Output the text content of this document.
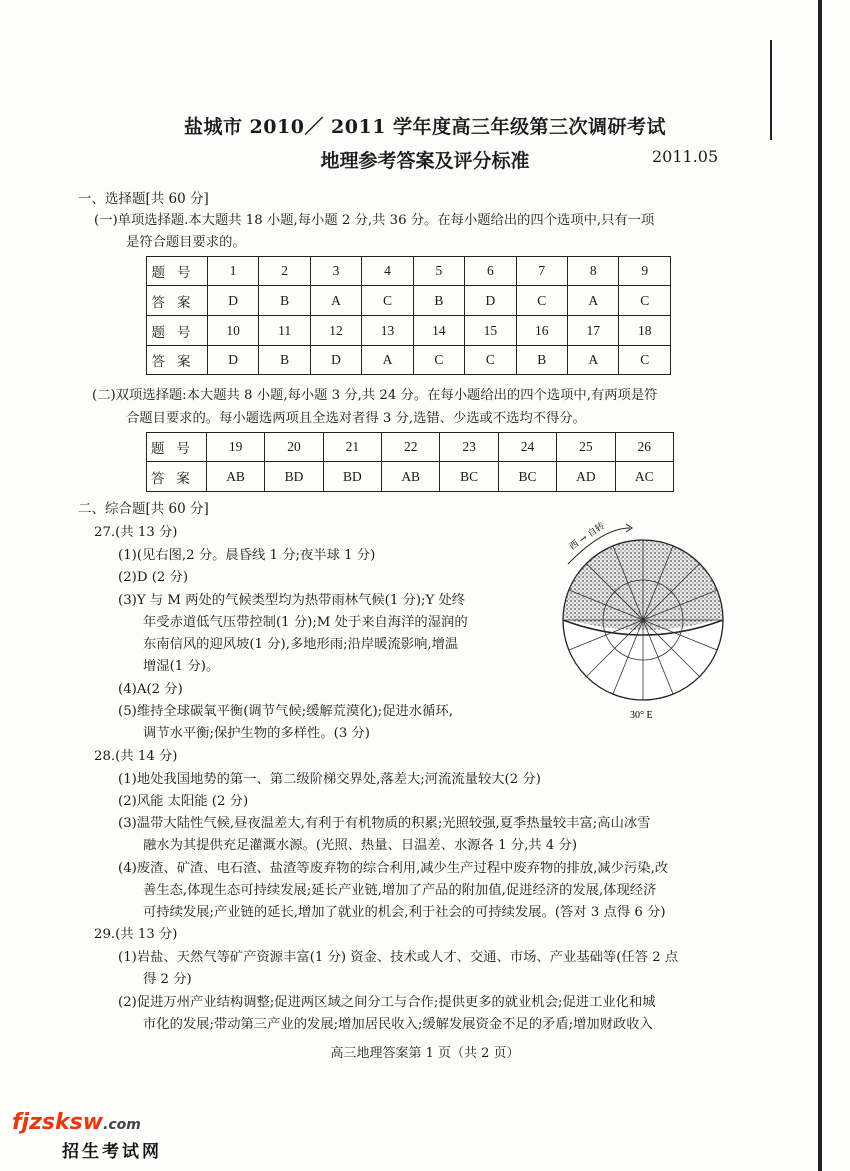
盐城市 2010／ 2011 学年度高三年级第三次调研考试
地理参考答案及评分标准	2011.05
一、选择题[共 60 分]
(一)单项选择题.本大题共 18 小题,每小题 2 分,共 36 分。在每小题给出的四个选项中,只有一项
是符合题目要求的。
题号	1	2	3	4	5	6	7	8	9
答案	D	B	A	C	B	D	C	A	C
题号	10	11	12	13	14	15	16	17	18
答案	D	B	D	A	C	C	B	A	C
(二)双项选择题:本大题共 8 小题,每小题 3 分,共 24 分。在每小题给出的四个选项中,有两项是符
合题目要求的。每小题选两项且全选对者得 3 分,选错、少选或不选均不得分。
题号	19	20	21	22	23	24	25	26
答案	AB	BD	BD	AB	BC	BC	AD	AC
二、综合题[共 60 分]
27.(共 13 分)
(1)(见右图,2 分。晨昏线 1 分;夜半球 1 分)
(2)D (2 分)
(3)Y 与 M 两处的气候类型均为热带雨林气候(1 分);Y 处终
年受赤道低气压带控制(1 分);M 处于来自海洋的湿润的
东南信风的迎风坡(1 分),多地形雨;沿岸暖流影响,增温
增湿(1 分)。
(4)A(2 分)
(5)维持全球碳氧平衡(调节气候;缓解荒漠化);促进水循环,
调节水平衡;保护生物的多样性。(3 分)
西 → 自转
30° E
28.(共 14 分)
(1)地处我国地势的第一、第二级阶梯交界处,落差大;河流流量较大(2 分)
(2)风能 太阳能 (2 分)
(3)温带大陆性气候,昼夜温差大,有利于有机物质的积累;光照较强,夏季热量较丰富;高山冰雪
融水为其提供充足灌溉水源。(光照、热量、日温差、水源各 1 分,共 4 分)
(4)废渣、矿渣、电石渣、盐渣等废弃物的综合利用,减少生产过程中废弃物的排放,减少污染,改
善生态,体现生态可持续发展;延长产业链,增加了产品的附加值,促进经济的发展,体现经济
可持续发展;产业链的延长,增加了就业的机会,利于社会的可持续发展。(答对 3 点得 6 分)
29.(共 13 分)
(1)岩盐、天然气等矿产资源丰富(1 分) 资金、技术或人才、交通、市场、产业基础等(任答 2 点
得 2 分)
(2)促进万州产业结构调整;促进两区域之间分工与合作;提供更多的就业机会;促进工业化和城
市化的发展;带动第三产业的发展;增加居民收入;缓解发展资金不足的矛盾;增加财政收入
高三地理答案第 1 页（共 2 页）
fjzsksw.com
招生考试网
